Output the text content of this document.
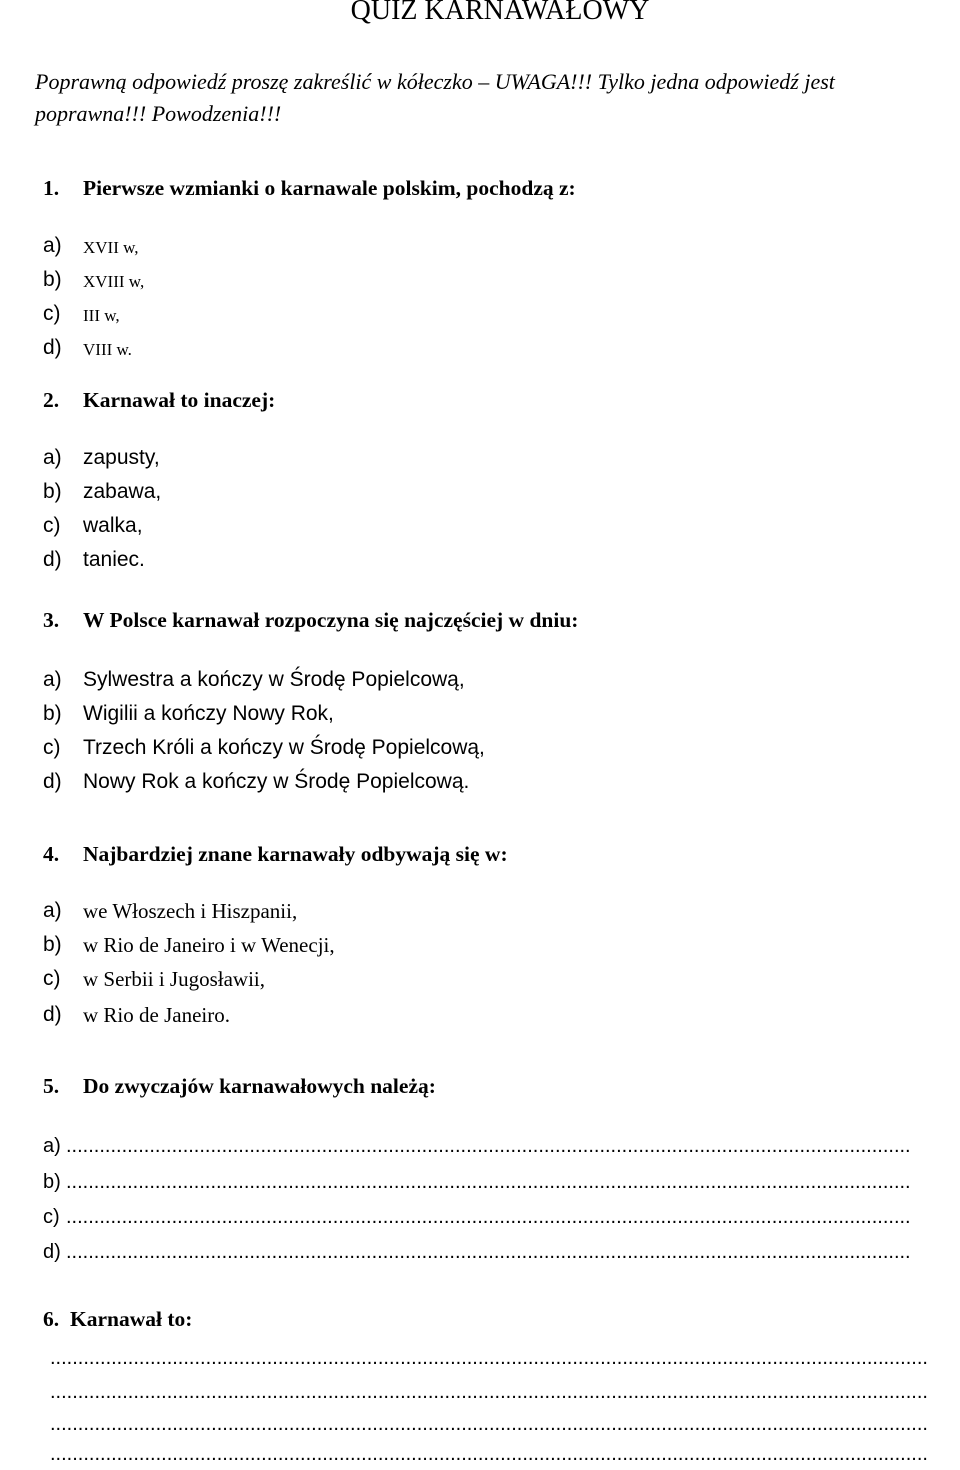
QUIZ KARNAWAŁOWY
Poprawną odpowiedź proszę zakreślić w kółeczko – UWAGA!!! Tylko jedna odpowiedź jest poprawna!!! Powodzenia!!!
1. Pierwsze wzmianki o karnawale polskim, pochodzą z:
a) XVII w,
b) XVIII w,
c) III w,
d) VIII w.
2. Karnawał to inaczej:
a) zapusty,
b) zabawa,
c) walka,
d) taniec.
3. W Polsce karnawał rozpoczyna się najczęściej w dniu:
a) Sylwestra a kończy w Środę Popielcową,
b) Wigilii a kończy Nowy Rok,
c) Trzech Króli a kończy w Środę Popielcową,
d) Nowy Rok a kończy w Środę Popielcową.
4. Najbardziej znane karnawały odbywają się w:
a) we Włoszech i Hiszpanii,
b) w Rio de Janeiro i w Wenecji,
c) w Serbii i Jugosławii,
d) w Rio de Janeiro.
5. Do zwyczajów karnawałowych należą:
a) ........................................................................................................................................................
b) ........................................................................................................................................................
c) ........................................................................................................................................................
d) ........................................................................................................................................................
6. Karnawał to:
..............................................................................................................................................................
..............................................................................................................................................................
..............................................................................................................................................................
..............................................................................................................................................................
